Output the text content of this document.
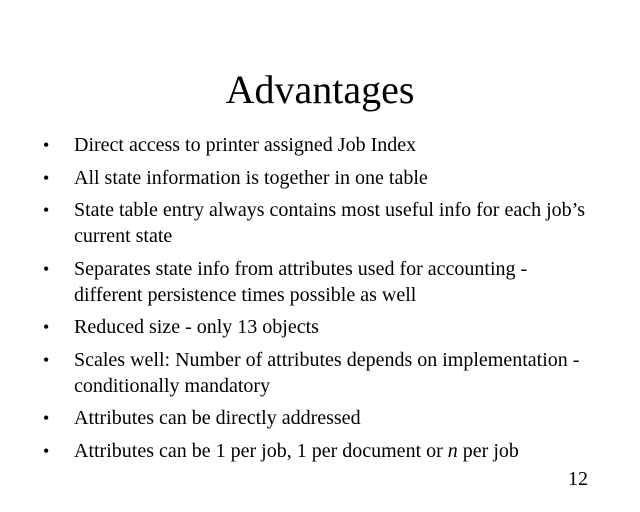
Advantages
• Direct access to printer assigned Job Index
• All state information is together in one table
• State table entry always contains most useful info for each job’s current state
• Separates state info from attributes used for accounting - different persistence times possible as well
• Reduced size - only 13 objects
• Scales well: Number of attributes depends on implementation - conditionally mandatory
• Attributes can be directly addressed
• Attributes can be 1 per job, 1 per document or n per job
12
